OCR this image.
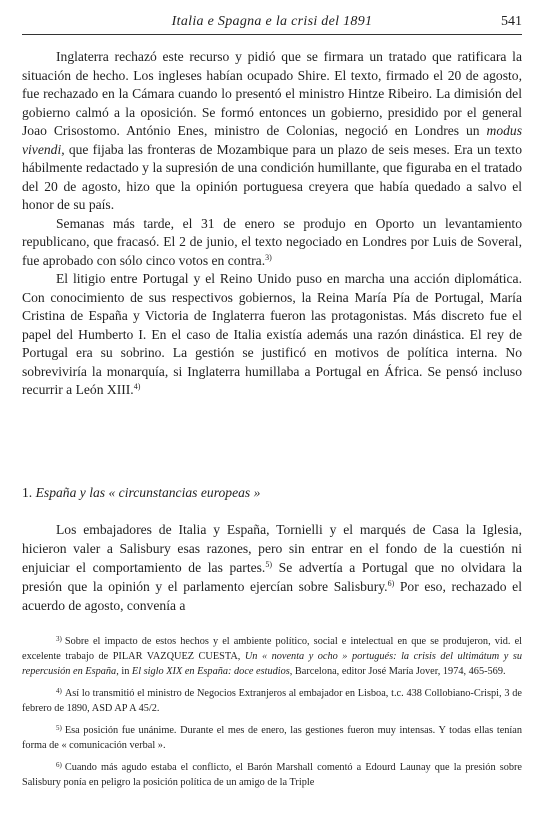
Italia e Spagna e la crisi del 1891	541

Inglaterra rechazó este recurso y pidió que se firmara un tratado que ratificara la situación de hecho. Los ingleses habían ocupado Shire. El texto, firmado el 20 de agosto, fue rechazado en la Cámara cuando lo presentó el ministro Hintze Ribeiro. La dimisión del gobierno calmó a la oposición. Se formó entonces un gobierno, presidido por el general Joao Crisostomo. António Enes, ministro de Colonias, negoció en Londres un modus vivendi, que fijaba las fronteras de Mozambique para un plazo de seis meses. Era un texto hábilmente redactado y la supresión de una condición humillante, que figuraba en el tratado del 20 de agosto, hizo que la opinión portuguesa creyera que había quedado a salvo el honor de su país.

Semanas más tarde, el 31 de enero se produjo en Oporto un levantamiento republicano, que fracasó. El 2 de junio, el texto negociado en Londres por Luis de Soveral, fue aprobado con sólo cinco votos en contra.$^{3)}$

El litigio entre Portugal y el Reino Unido puso en marcha una acción diplomática. Con conocimiento de sus respectivos gobiernos, la Reina María Pía de Portugal, María Cristina de España y Victoria de Inglaterra fueron las protagonistas. Más discreto fue el papel del Humberto I. En el caso de Italia existía además una razón dinástica. El rey de Portugal era su sobrino. La gestión se justificó en motivos de política interna. No sobreviviría la monarquía, si Inglaterra humillaba a Portugal en África. Se pensó incluso recurrir a León XIII.$^{4)}$

1. España y las « circunstancias europeas »

Los embajadores de Italia y España, Tornielli y el marqués de Casa la Iglesia, hicieron valer a Salisbury esas razones, pero sin entrar en el fondo de la cuestión ni enjuiciar el comportamiento de las partes.$^{5)}$ Se advertía a Portugal que no olvidara la presión que la opinión y el parlamento ejercían sobre Salisbury.$^{6)}$ Por eso, rechazado el acuerdo de agosto, convenía a

$^{3)}$ Sobre el impacto de estos hechos y el ambiente político, social e intelectual en que se produjeron, vid. el excelente trabajo de PILAR VAZQUEZ CUESTA, Un « noventa y ocho » portugués: la crisis del ultimátum y su repercusión en España, in El siglo XIX en España: doce estudios, Barcelona, editor José María Jover, 1974, 465-569.

$^{4)}$ Así lo transmitió el ministro de Negocios Extranjeros al embajador en Lisboa, t.c. 438 Collobiano-Crispi, 3 de febrero de 1890, ASD AP A 45/2.

$^{5)}$ Esa posición fue unánime. Durante el mes de enero, las gestiones fueron muy intensas. Y todas ellas tenían forma de « comunicación verbal ».

$^{6)}$ Cuando más agudo estaba el conflicto, el Barón Marshall comentó a Edourd Launay que la presión sobre Salisbury ponía en peligro la posición política de un amigo de la Triple
